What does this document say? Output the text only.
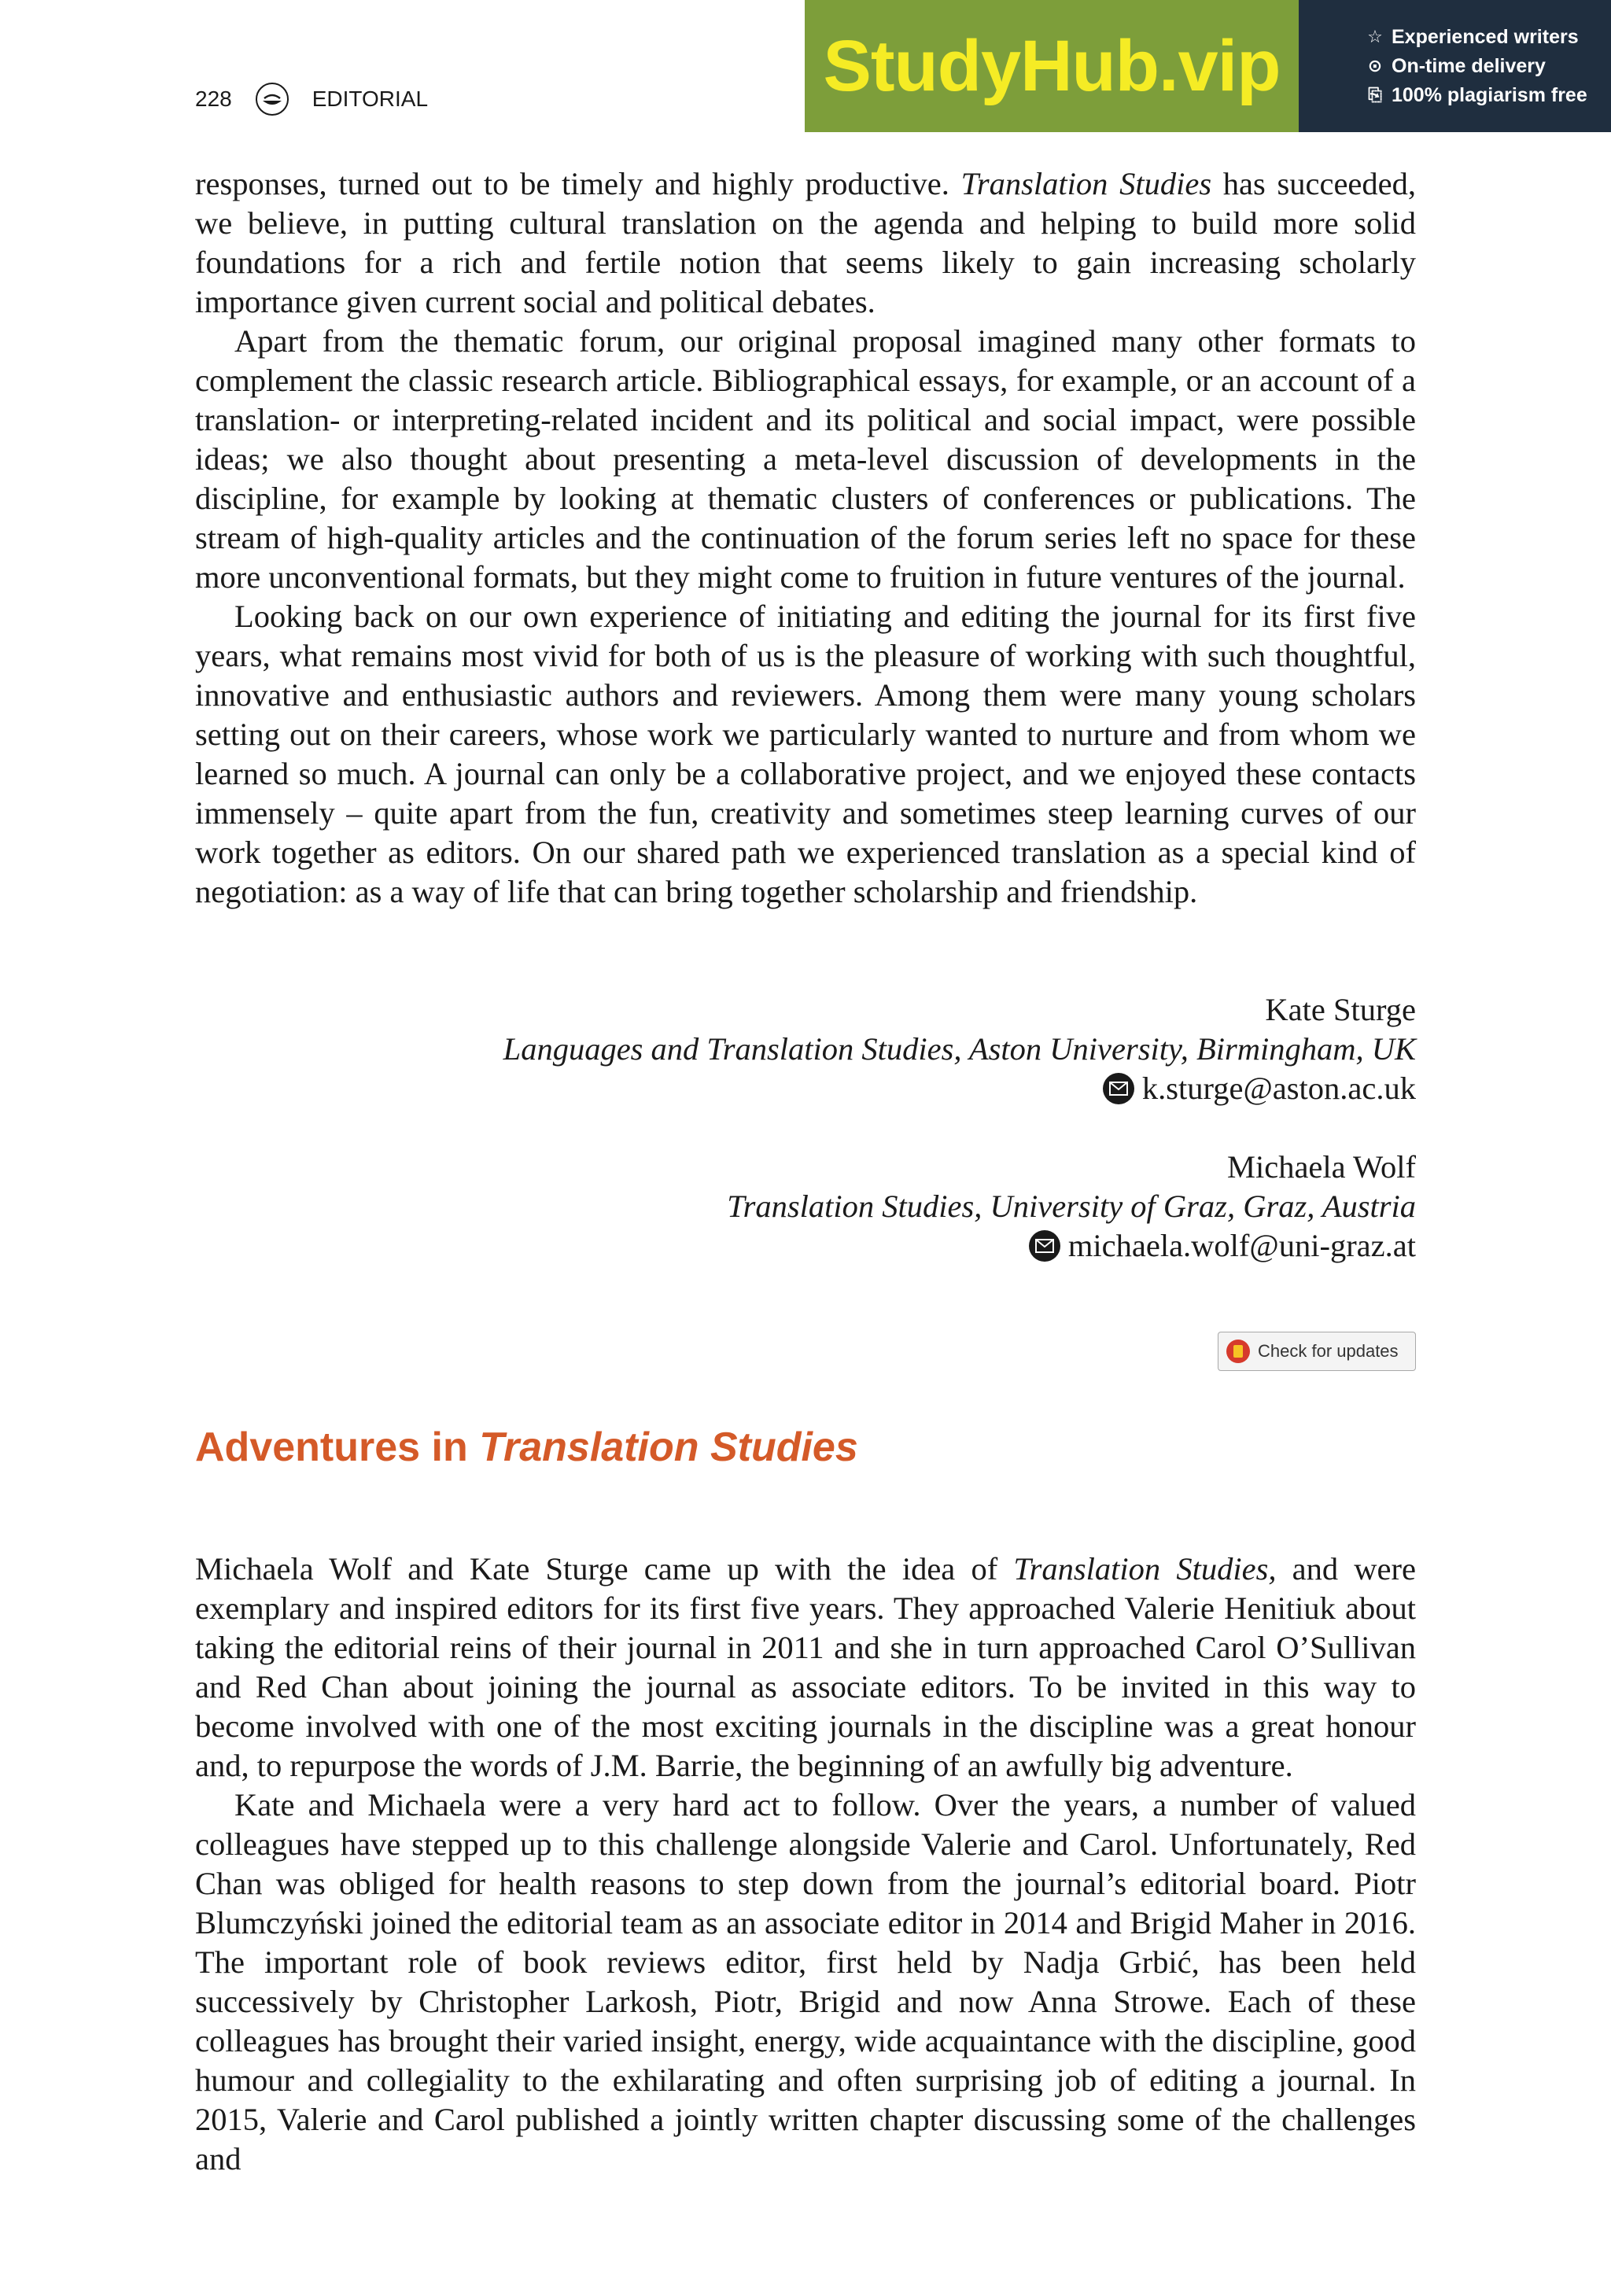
228	EDITORIAL	StudyHub.vip	☆ Experienced writers
⊙ On-time delivery
⎘ 100% plagiarism free

responses, turned out to be timely and highly productive. Translation Studies has succeeded, we believe, in putting cultural translation on the agenda and helping to build more solid foundations for a rich and fertile notion that seems likely to gain increasing scholarly importance given current social and political debates.

Apart from the thematic forum, our original proposal imagined many other formats to complement the classic research article. Bibliographical essays, for example, or an account of a translation- or interpreting-related incident and its political and social impact, were possible ideas; we also thought about presenting a meta-level discussion of developments in the discipline, for example by looking at thematic clusters of conferences or publications. The stream of high-quality articles and the continuation of the forum series left no space for these more unconventional formats, but they might come to fruition in future ventures of the journal.

Looking back on our own experience of initiating and editing the journal for its first five years, what remains most vivid for both of us is the pleasure of working with such thoughtful, innovative and enthusiastic authors and reviewers. Among them were many young scholars setting out on their careers, whose work we particularly wanted to nurture and from whom we learned so much. A journal can only be a collaborative project, and we enjoyed these contacts immensely – quite apart from the fun, creativity and sometimes steep learning curves of our work together as editors. On our shared path we experienced translation as a special kind of negotiation: as a way of life that can bring together scholarship and friendship.

Kate Sturge
Languages and Translation Studies, Aston University, Birmingham, UK
k.sturge@aston.ac.uk
Michaela Wolf
Translation Studies, University of Graz, Graz, Austria
michaela.wolf@uni-graz.at
Check for updates
Adventures in Translation Studies

Michaela Wolf and Kate Sturge came up with the idea of Translation Studies, and were exemplary and inspired editors for its first five years. They approached Valerie Henitiuk about taking the editorial reins of their journal in 2011 and she in turn approached Carol O’Sullivan and Red Chan about joining the journal as associate editors. To be invited in this way to become involved with one of the most exciting journals in the discipline was a great honour and, to repurpose the words of J.M. Barrie, the beginning of an awfully big adventure.

Kate and Michaela were a very hard act to follow. Over the years, a number of valued colleagues have stepped up to this challenge alongside Valerie and Carol. Unfortunately, Red Chan was obliged for health reasons to step down from the journal’s editorial board. Piotr Blumczyński joined the editorial team as an associate editor in 2014 and Brigid Maher in 2016. The important role of book reviews editor, first held by Nadja Grbić, has been held successively by Christopher Larkosh, Piotr, Brigid and now Anna Strowe. Each of these colleagues has brought their varied insight, energy, wide acquaintance with the discipline, good humour and collegiality to the exhilarating and often surprising job of editing a journal. In 2015, Valerie and Carol published a jointly written chapter discussing some of the challenges and
